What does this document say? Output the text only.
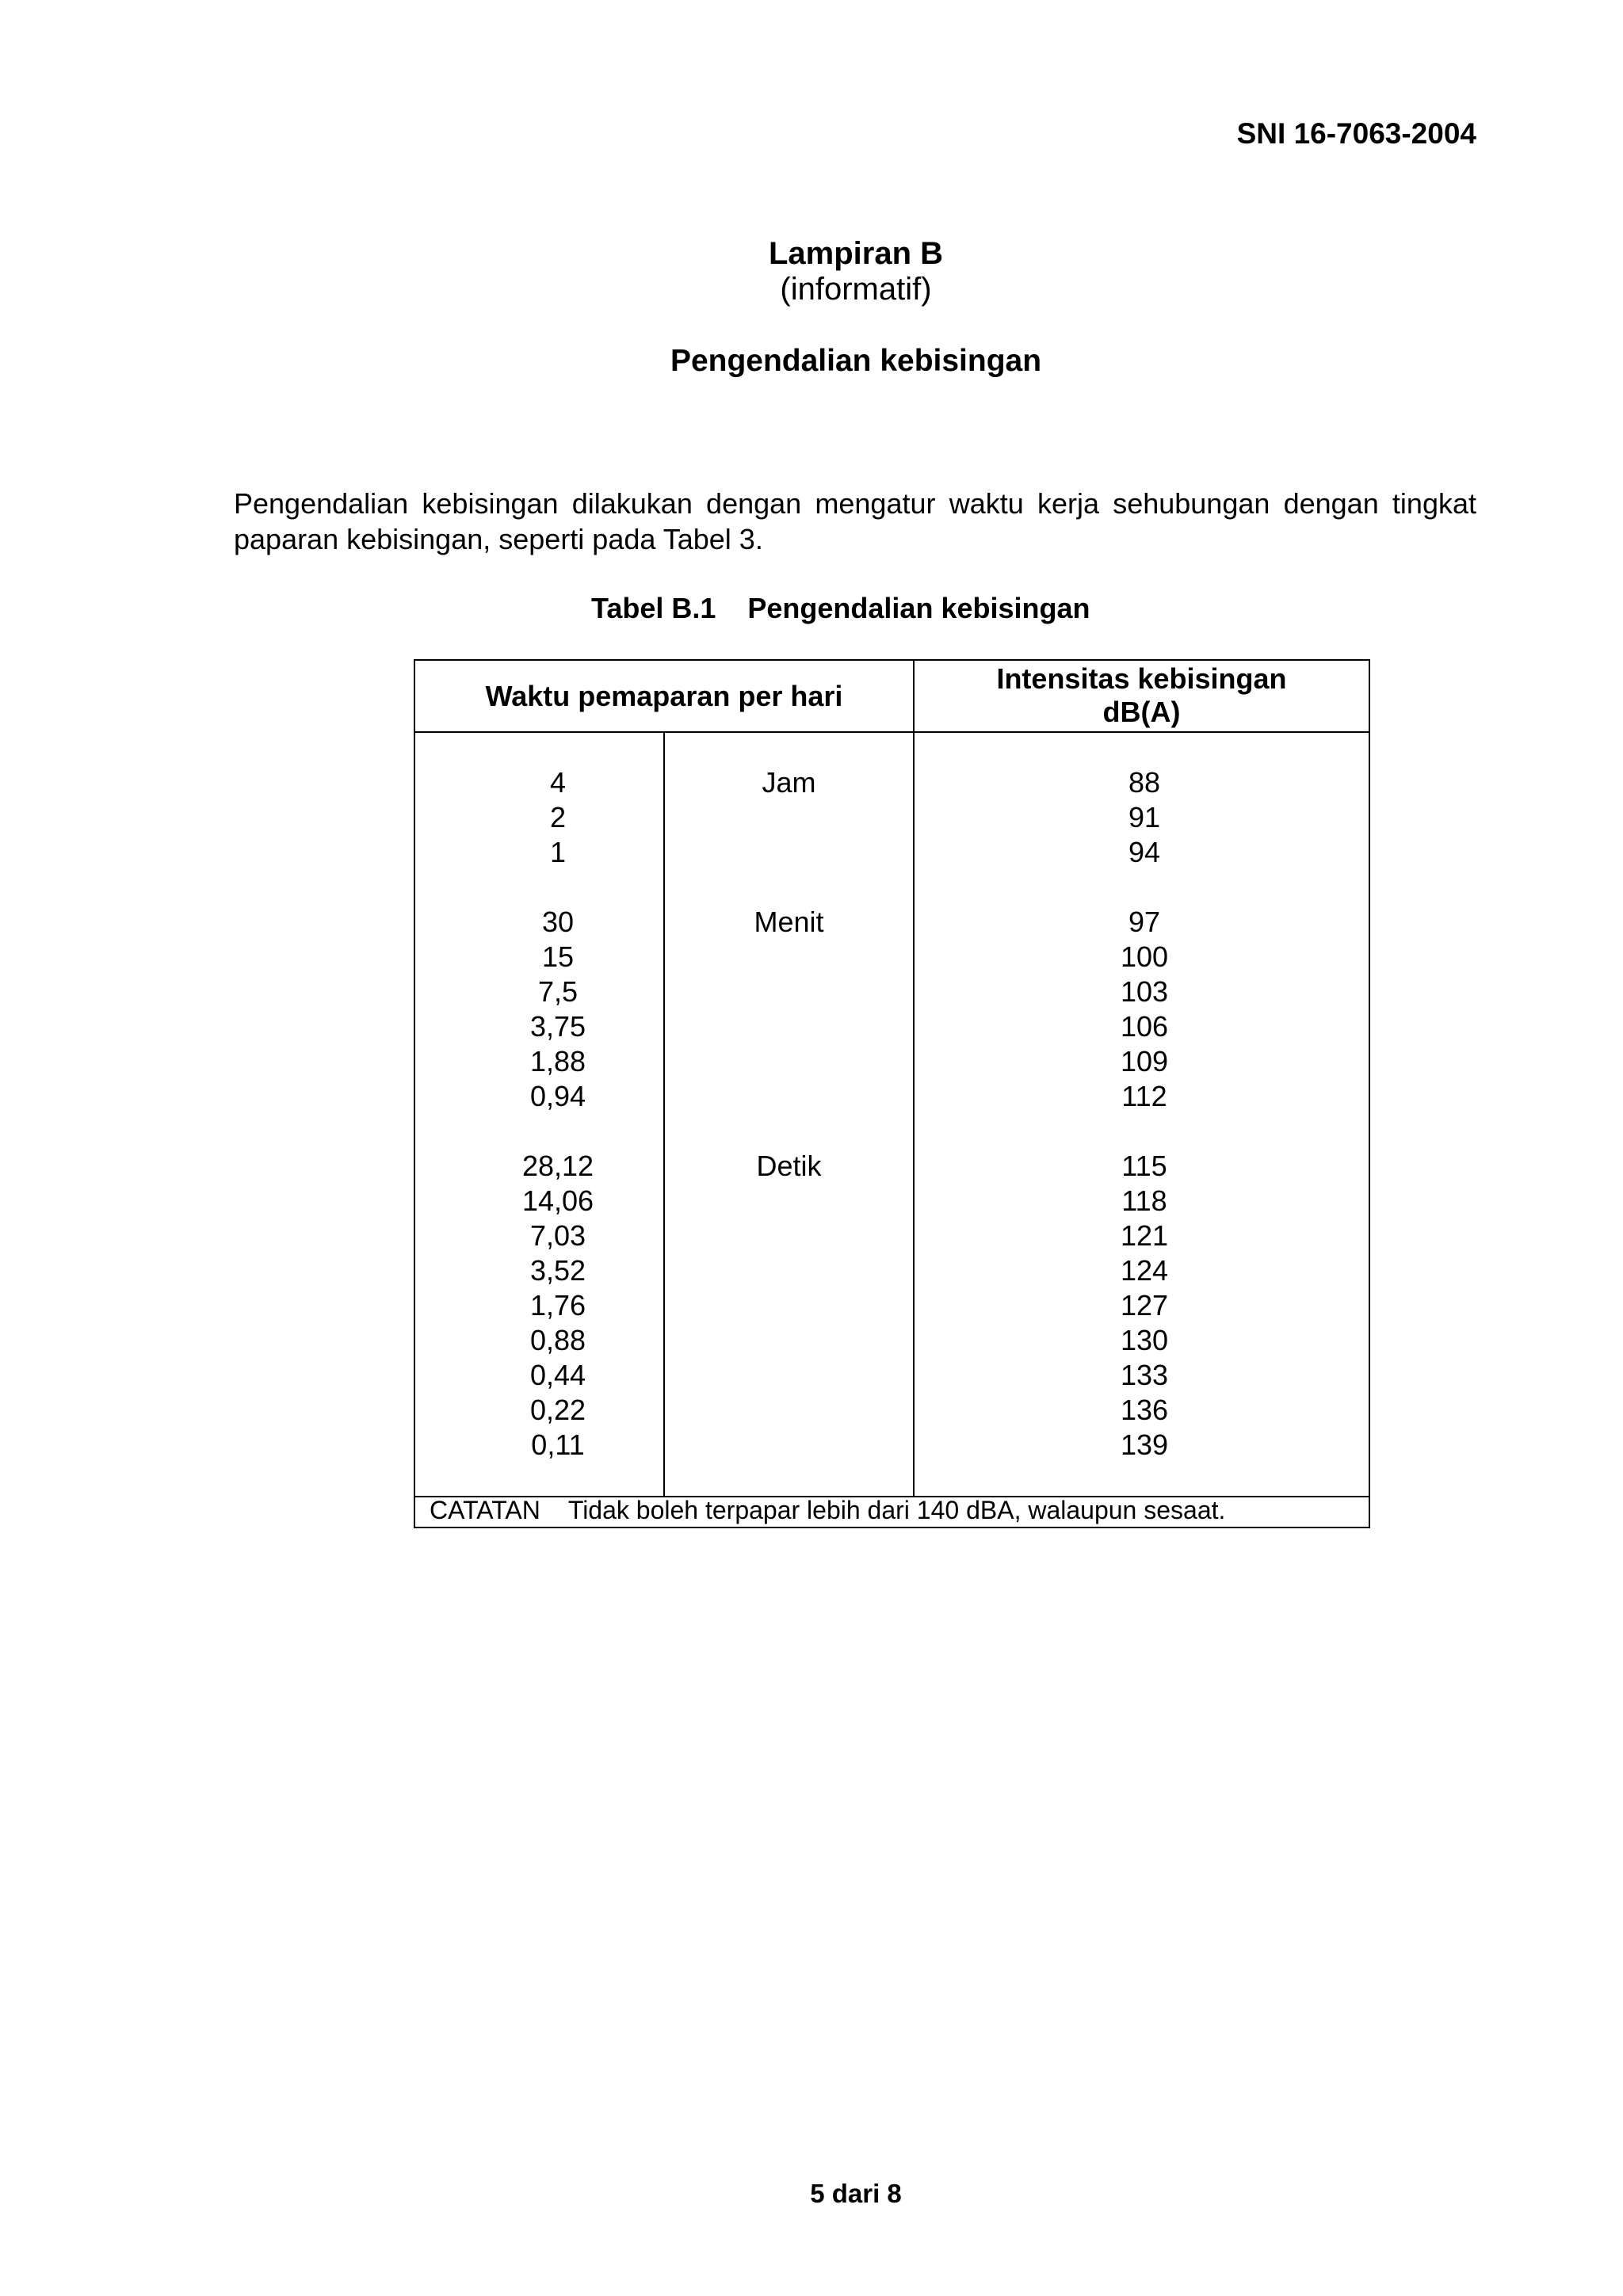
SNI 16-7063-2004
Lampiran B
(informatif)
Pengendalian kebisingan
Pengendalian kebisingan dilakukan dengan mengatur waktu kerja sehubungan dengan tingkat paparan kebisingan, seperti pada Tabel 3.
Tabel B.1    Pengendalian kebisingan
Waktu pemaparan per hari
Intensitas kebisingan
dB(A)
4
2
1
30
15
7,5
3,75
1,88
0,94
28,12
14,06
7,03
3,52
1,76
0,88
0,44
0,22
0,11
Jam
Menit
Detik
88
91
94
97
100
103
106
109
112
115
118
121
124
127
130
133
136
139
CATATAN    Tidak boleh terpapar lebih dari 140 dBA, walaupun sesaat.
5 dari 8
